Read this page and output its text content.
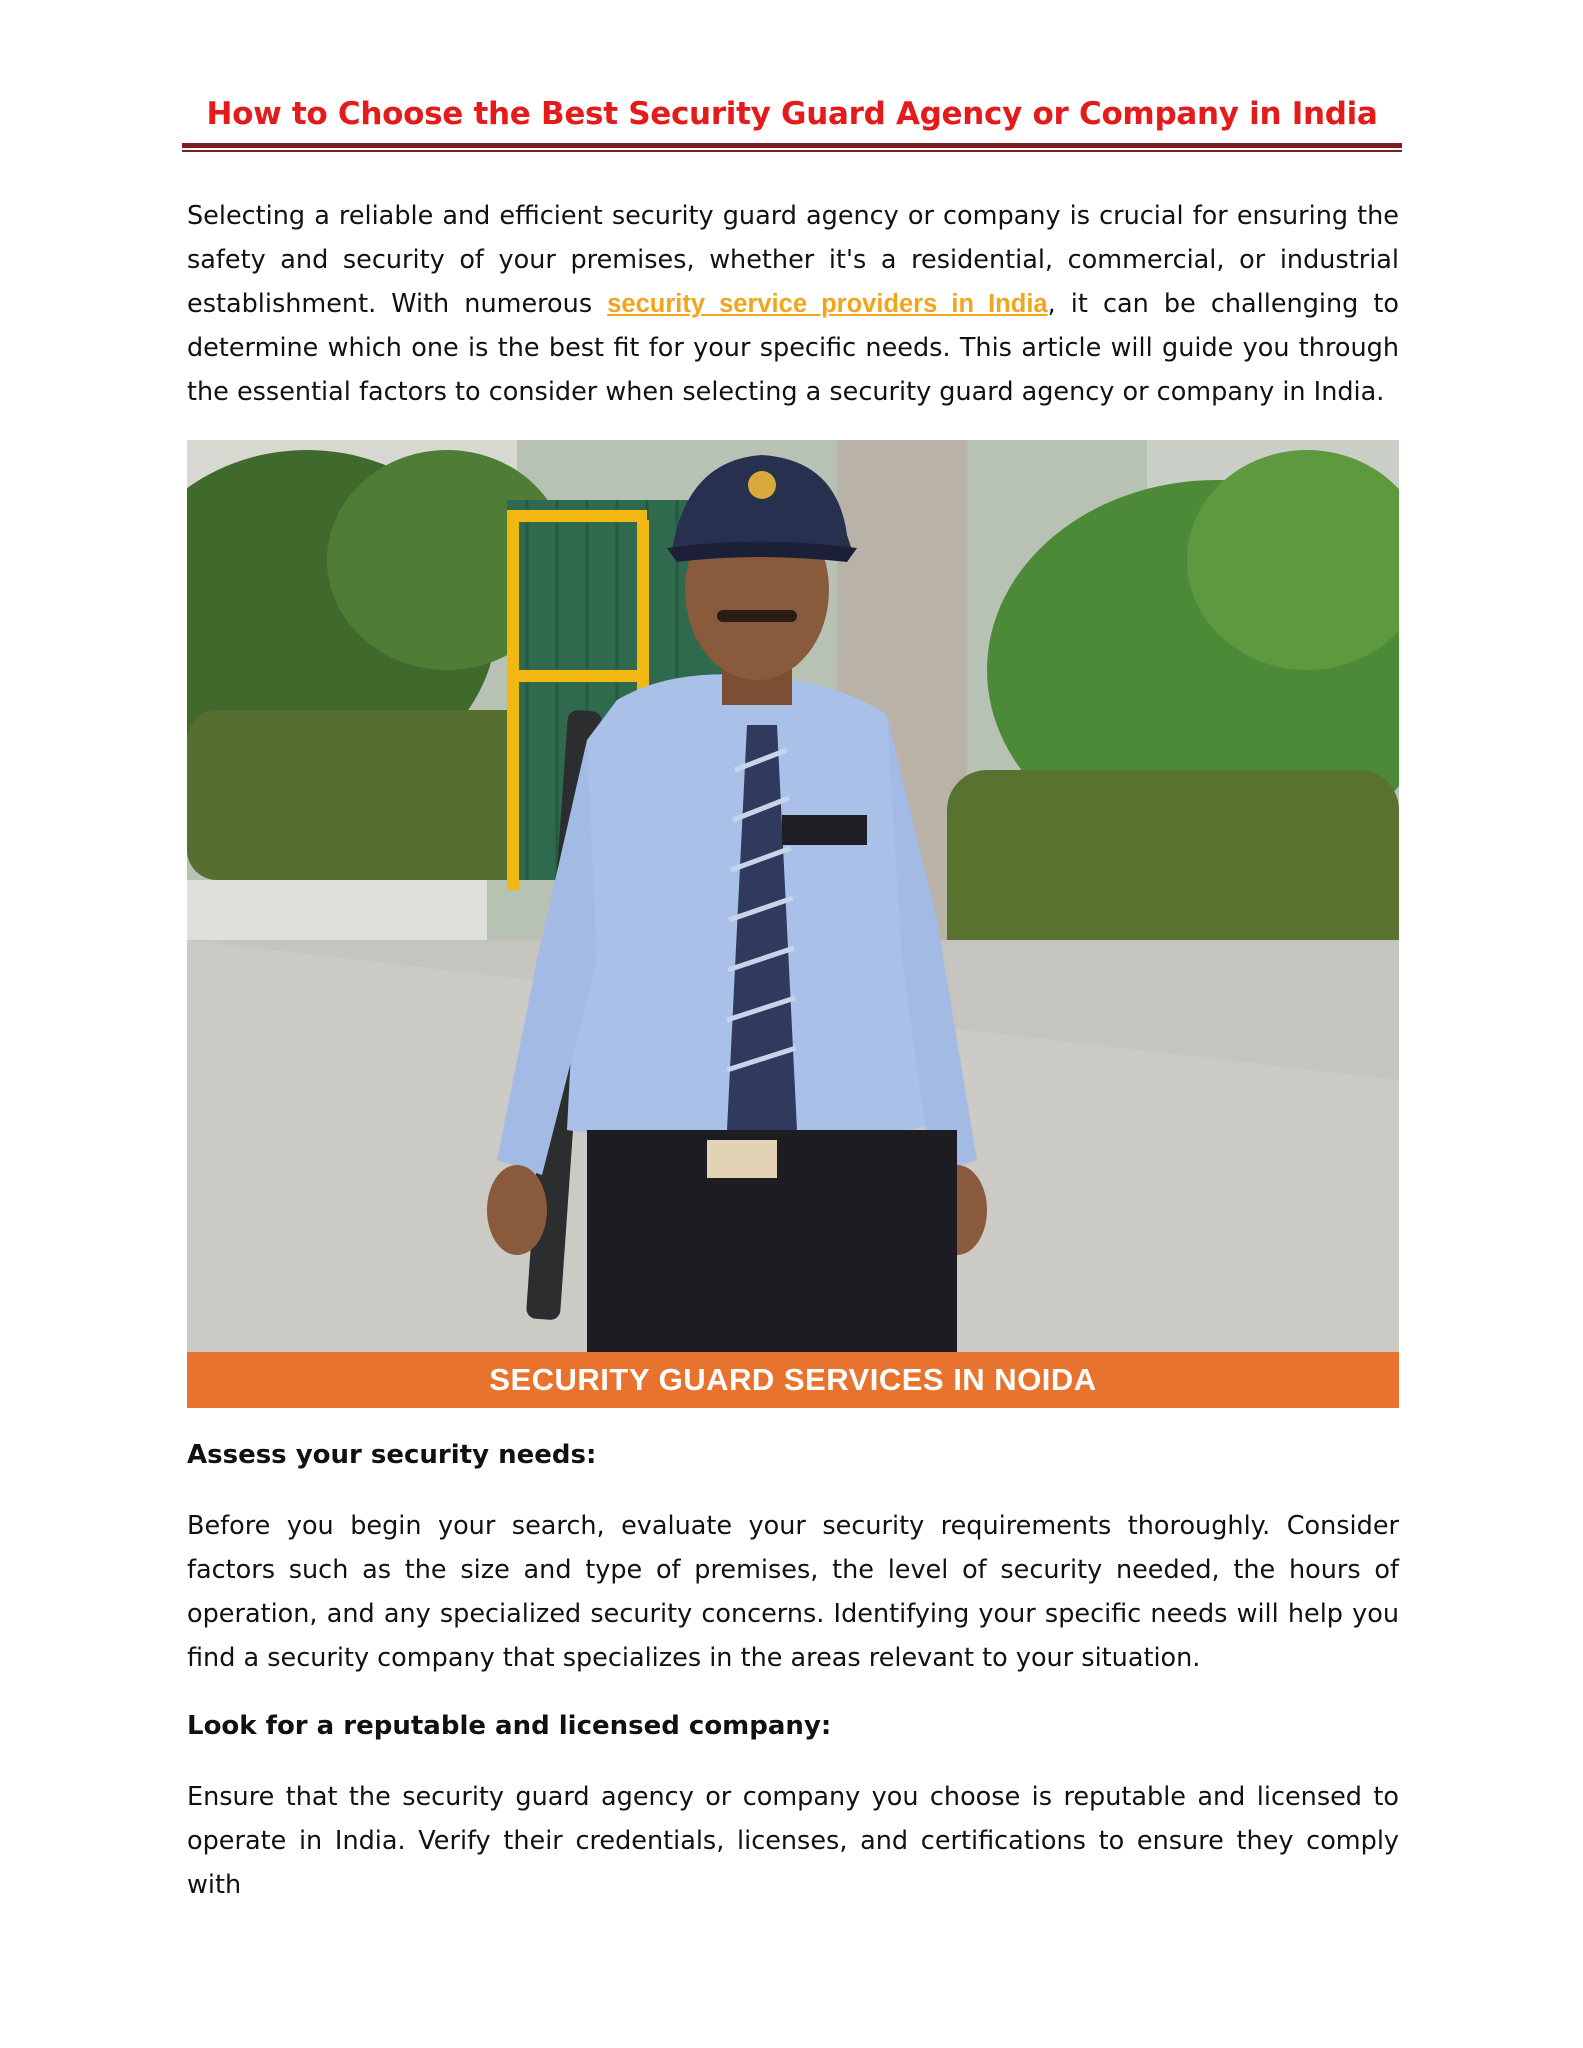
How to Choose the Best Security Guard Agency or Company in India

Selecting a reliable and efficient security guard agency or company is crucial for ensuring the safety and security of your premises, whether it's a residential, commercial, or industrial establishment. With numerous security service providers in India, it can be challenging to determine which one is the best fit for your specific needs. This article will guide you through the essential factors to consider when selecting a security guard agency or company in India.

SECURITY GUARD SERVICES IN NOIDA
Assess your security needs:

Before you begin your search, evaluate your security requirements thoroughly. Consider factors such as the size and type of premises, the level of security needed, the hours of operation, and any specialized security concerns. Identifying your specific needs will help you find a security company that specializes in the areas relevant to your situation.

Look for a reputable and licensed company:

Ensure that the security guard agency or company you choose is reputable and licensed to operate in India. Verify their credentials, licenses, and certifications to ensure they comply with
